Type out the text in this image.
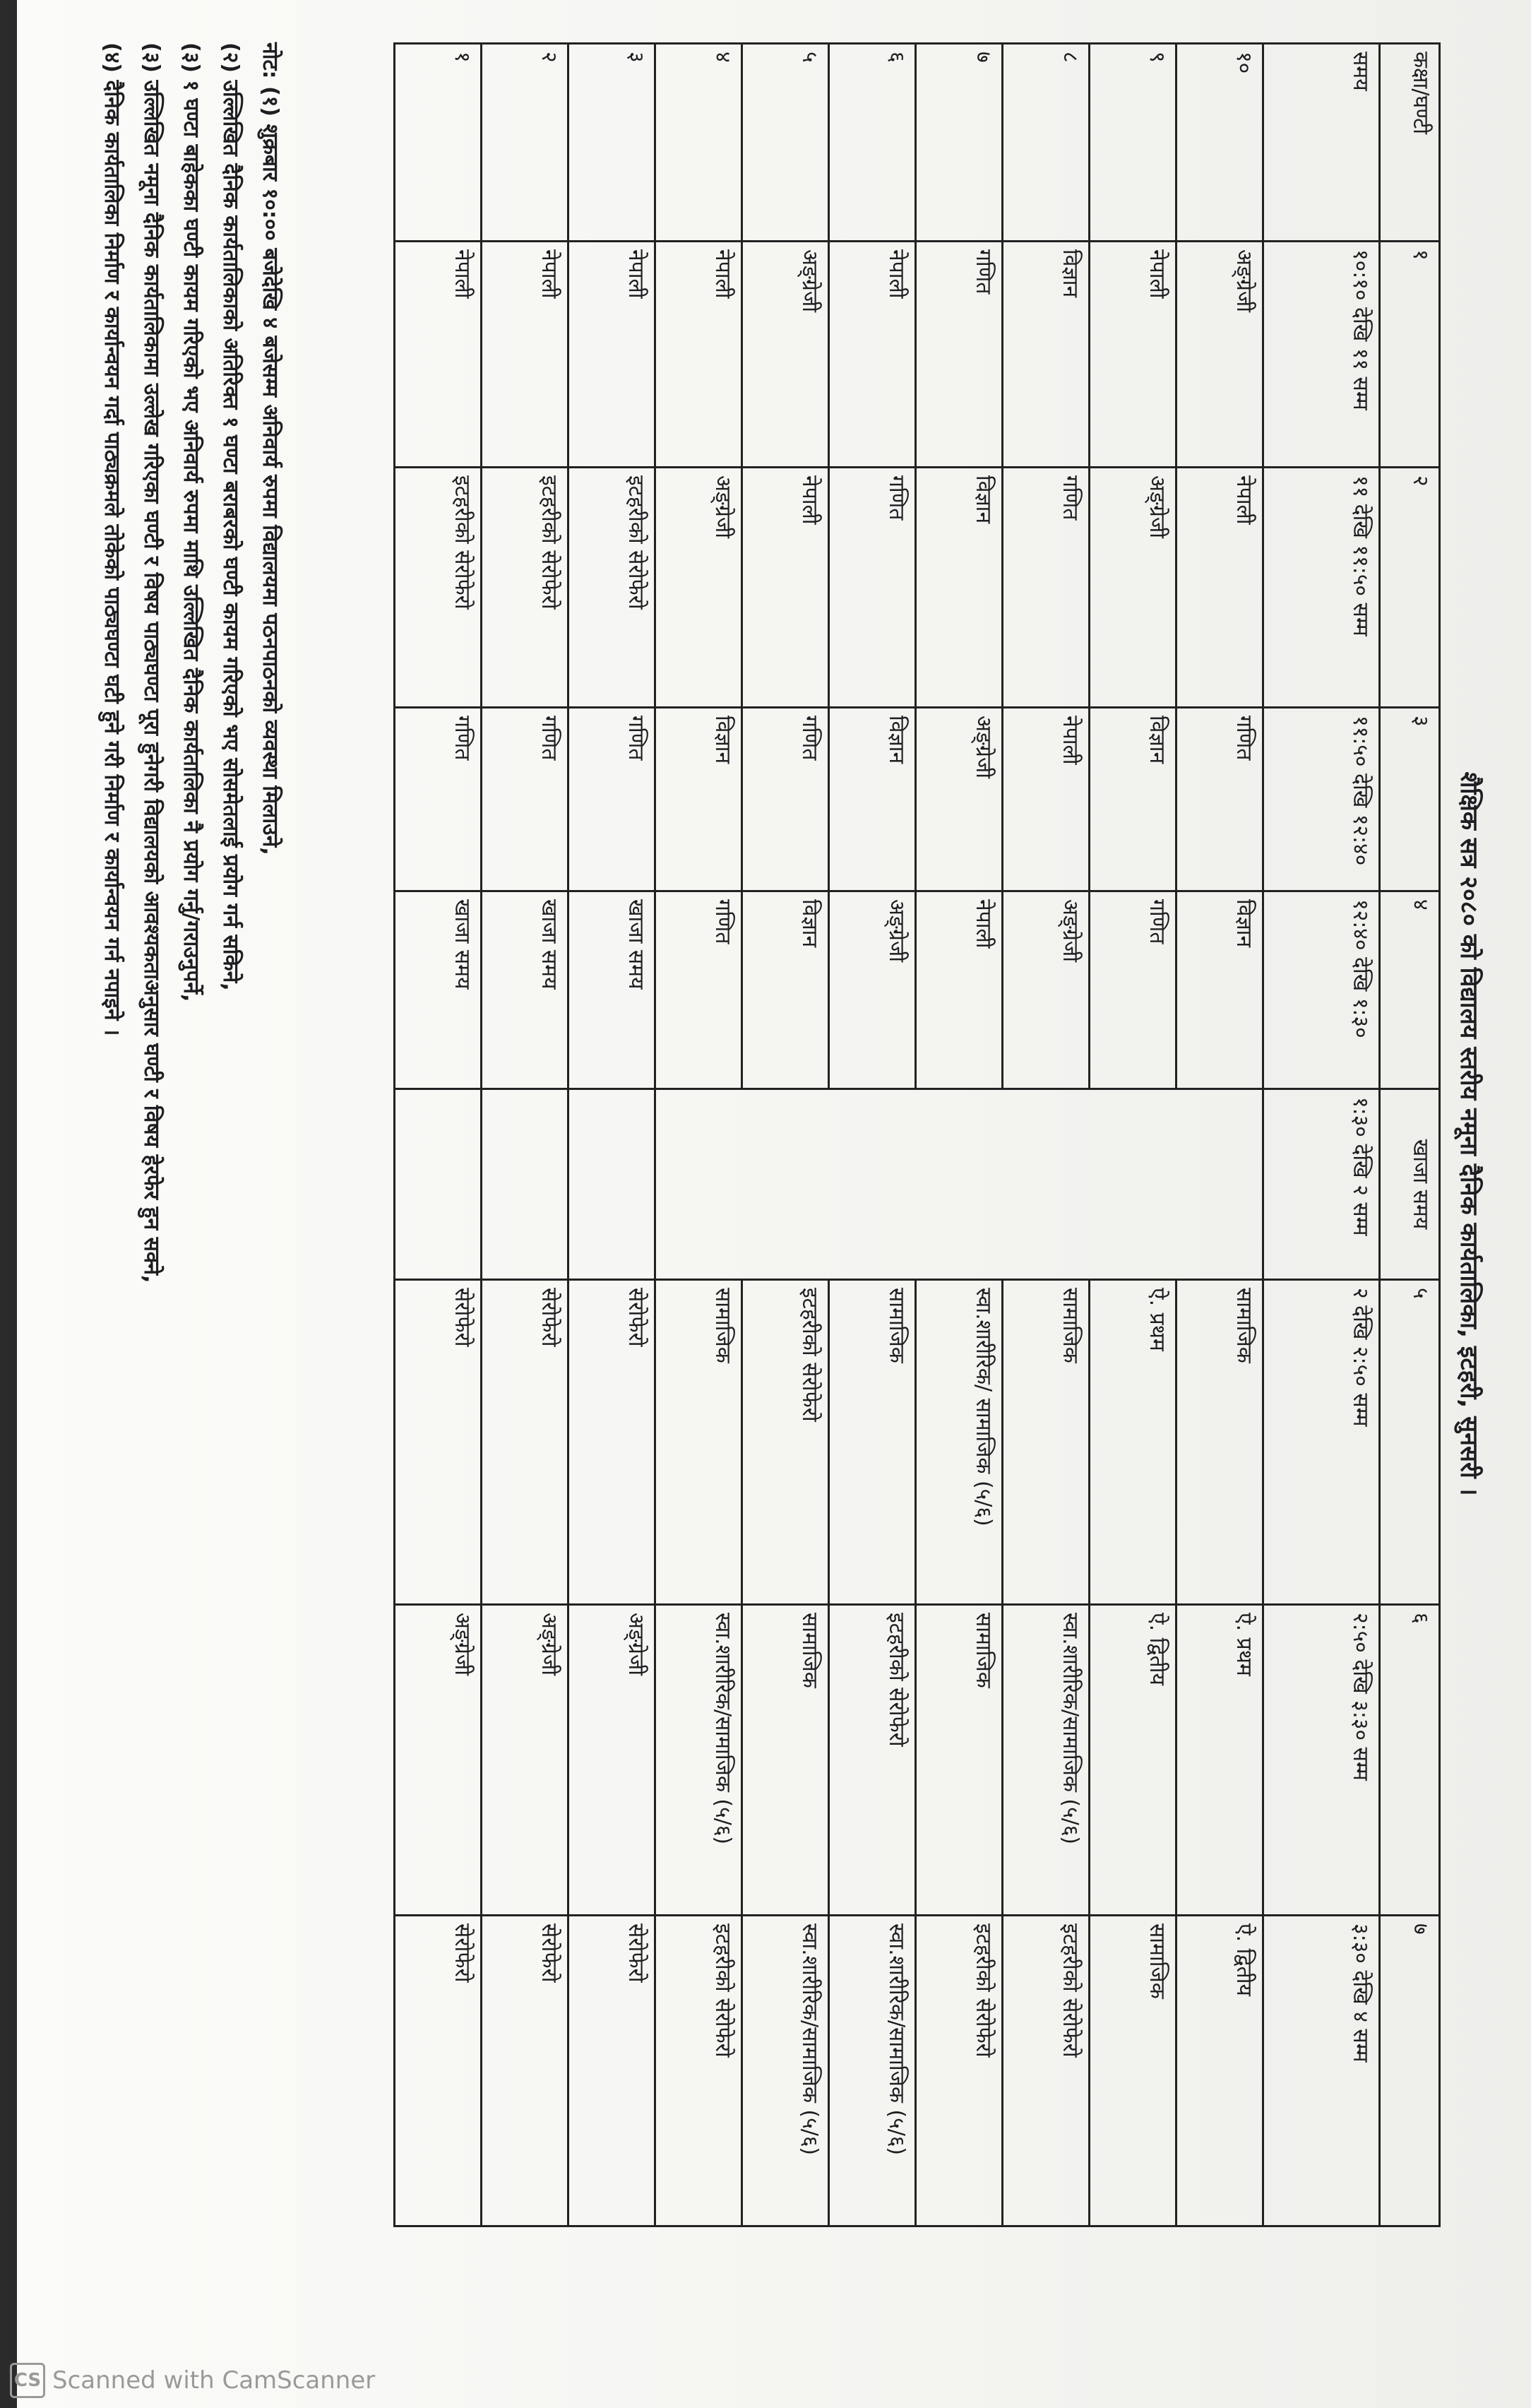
शैक्षिक सत्र २०८० को विद्यालय स्तरीय नमूना दैनिक कार्यतालिका, इटहरी, सुनसरी ।
कक्षा/घण्टी	१	२	३	४	खाजा समय	५	६	७
समय	१०:१० देखि ११ सम्म	११ देखि ११:५० सम्म	११:५० देखि १२:४०	१२:४० देखि १:३०	१:३० देखि २ सम्म	२ देखि २:५० सम्म	२:५० देखि ३:३० सम्म	३:३० देखि ४ सम्म
१०	अङ्ग्रेजी	नेपाली	गणित	विज्ञान		सामाजिक	ऐ. प्रथम	ऐ. द्वितीय
९	नेपाली	अङ्ग्रेजी	विज्ञान	गणित		ऐ. प्रथम	ऐ. द्वितीय	सामाजिक
८	विज्ञान	गणित	नेपाली	अङ्ग्रेजी		सामाजिक	स्वा.शारीरिक/सामाजिक (५/६)	इटहरीको सेरोफेरो
७	गणित	विज्ञान	अङ्ग्रेजी	नेपाली		स्वा.शारीरिक/ सामाजिक (५/६)	सामाजिक	इटहरीको सेरोफेरो
६	नेपाली	गणित	विज्ञान	अङ्ग्रेजी		सामाजिक	इटहरीको सेरोफेरो	स्वा.शारीरिक/सामाजिक (५/६)
५	अङ्ग्रेजी	नेपाली	गणित	विज्ञान		इटहरीको सेरोफेरो	सामाजिक	स्वा.शारीरिक/सामाजिक (५/६)
४	नेपाली	अङ्ग्रेजी	विज्ञान	गणित		सामाजिक	स्वा.शारीरिक/सामाजिक (५/६)	इटहरीको सेरोफेरो
३	नेपाली	इटहरीको सेरोफेरो	गणित	खाजा समय		सेरोफेरो	अङ्ग्रेजी	सेरोफेरो
२	नेपाली	इटहरीको सेरोफेरो	गणित	खाजा समय		सेरोफेरो	अङ्ग्रेजी	सेरोफेरो
१	नेपाली	इटहरीको सेरोफेरो	गणित	खाजा समय		सेरोफेरो	अङ्ग्रेजी	सेरोफेरो
नोट: (१) शुक्रबार १०:०० बजेदेखि ४ बजेसम्म अनिवार्य रुपमा विद्यालयमा पठनपाठनको व्यवस्था मिलाउने,
(२) उल्लिखित दैनिक कार्यतालिकाको अतिरिक्त १ घण्टा बराबरको घण्टी कायम गरिएको भए सोसमेतलाई प्रयोग गर्न सकिने,
(३) १ घण्टा बाहेकका घण्टी कायम गरिएको भए अनिवार्य रुपमा माथि उल्लिखित दैनिक कार्यतालिका नै प्रयोग गर्नु/गराउनुपर्ने,
(३) उल्लिखित नमूना दैनिक कार्यतालिकामा उल्लेख गरिएका घण्टी र विषय पाठ्यघण्टा पूरा हुनेगरी विद्यालयको आवश्यकताअनुसार घण्टी र विषय हेरफेर हुन सक्ने,
(४) दैनिक कार्यतालिका निर्माण र कार्यान्वयन गर्दा पाठ्यक्रमले तोकेको पाठ्यघण्टा घटी हुने गरी निर्माण र कार्यान्वयन गर्न नपाइने ।
CS Scanned with CamScanner
